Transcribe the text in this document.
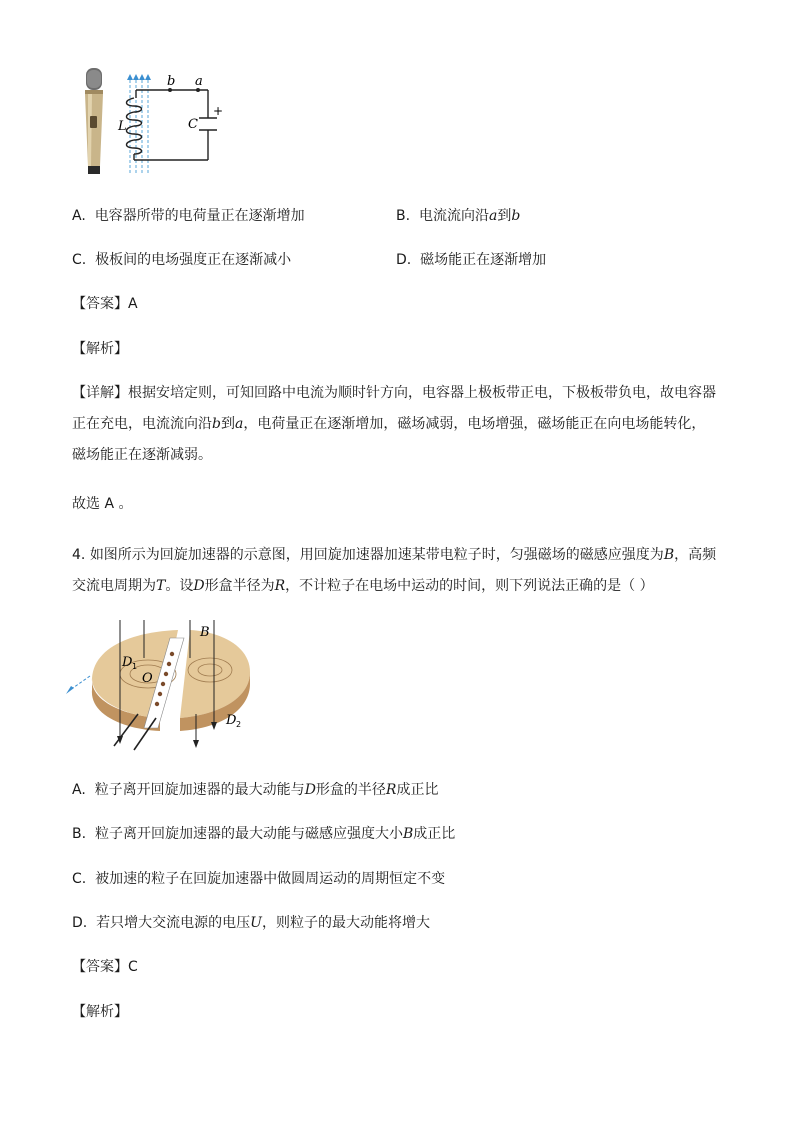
b a
L	C
+
A. 电容器所带的电荷量正在逐渐增加	B. 电流流向沿a到b
C. 极板间的电场强度正在逐渐减小	D. 磁场能正在逐渐增加
【答案】A
【解析】
【详解】根据安培定则，可知回路中电流为顺时针方向，电容器上极板带正电，下极板带负电，故电容器
正在充电，电流流向沿b到a，电荷量正在逐渐增加，磁场减弱，电场增强，磁场能正在向电场能转化，
磁场能正在逐渐减弱。
故选 A 。
4. 如图所示为回旋加速器的示意图，用回旋加速器加速某带电粒子时，匀强磁场的磁感应强度为B，高频
交流电周期为T。设D形盒半径为R，不计粒子在电场中运动的时间，则下列说法正确的是（ ）
B
D 1
O
D 2
A. 粒子离开回旋加速器的最大动能与D形盒的半径R成正比
B. 粒子离开回旋加速器的最大动能与磁感应强度大小B成正比
C. 被加速的粒子在回旋加速器中做圆周运动的周期恒定不变
D. 若只增大交流电源的电压U，则粒子的最大动能将增大
【答案】C
【解析】
